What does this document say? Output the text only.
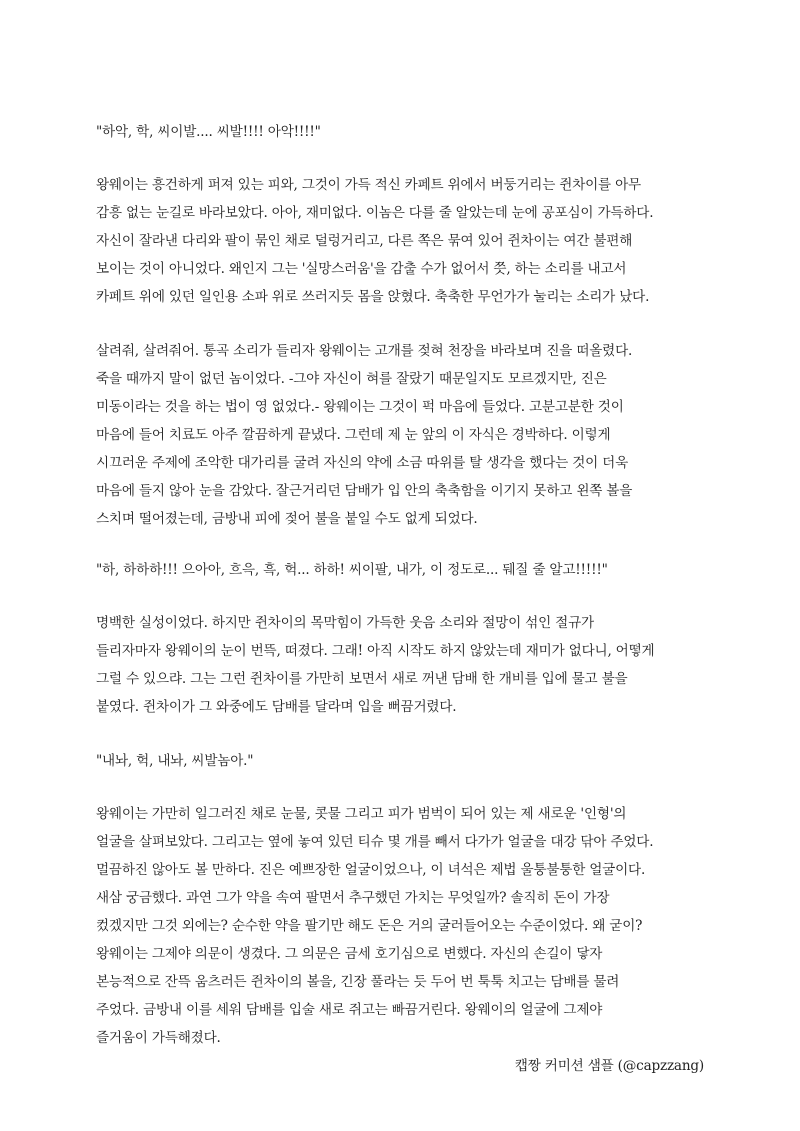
"하악, 학, 씨이발.... 씨발!!!! 아악!!!!"
왕웨이는 흥건하게 퍼져 있는 피와, 그것이 가득 적신 카페트 위에서 버둥거리는 쥔차이를 아무
감흥 없는 눈길로 바라보았다. 아아, 재미없다. 이놈은 다를 줄 알았는데 눈에 공포심이 가득하다.
자신이 잘라낸 다리와 팔이 묶인 채로 덜렁거리고, 다른 쪽은 묶여 있어 쥔차이는 여간 불편해
보이는 것이 아니었다. 왜인지 그는 '실망스러움'을 감출 수가 없어서 쯧, 하는 소리를 내고서
카페트 위에 있던 일인용 소파 위로 쓰러지듯 몸을 앉혔다. 축축한 무언가가 눌리는 소리가 났다.
살려줘, 살려줘어. 통곡 소리가 들리자 왕웨이는 고개를 젖혀 천장을 바라보며 진을 떠올렸다.
죽을 때까지 말이 없던 놈이었다. -그야 자신이 혀를 잘랐기 때문일지도 모르겠지만, 진은
미동이라는 것을 하는 법이 영 없었다.- 왕웨이는 그것이 퍽 마음에 들었다. 고분고분한 것이
마음에 들어 치료도 아주 깔끔하게 끝냈다. 그런데 제 눈 앞의 이 자식은 경박하다. 이렇게
시끄러운 주제에 조악한 대가리를 굴려 자신의 약에 소금 따위를 탈 생각을 했다는 것이 더욱
마음에 들지 않아 눈을 감았다. 잘근거리던 담배가 입 안의 축축함을 이기지 못하고 왼쪽 볼을
스치며 떨어졌는데, 금방내 피에 젖어 불을 붙일 수도 없게 되었다.
"하, 하하하!!! 으아아, 흐윽, 흑, 헉... 하하! 씨이팔, 내가, 이 정도로... 뒈질 줄 알고!!!!!"
명백한 실성이었다. 하지만 쥔차이의 목막힘이 가득한 웃음 소리와 절망이 섞인 절규가
들리자마자 왕웨이의 눈이 번뜩, 떠졌다. 그래! 아직 시작도 하지 않았는데 재미가 없다니, 어떻게
그럴 수 있으랴. 그는 그런 쥔차이를 가만히 보면서 새로 꺼낸 담배 한 개비를 입에 물고 불을
붙였다. 쥔차이가 그 와중에도 담배를 달라며 입을 뻐끔거렸다.
"내놔, 헉, 내놔, 씨발놈아."
왕웨이는 가만히 일그러진 채로 눈물, 콧물 그리고 피가 범벅이 되어 있는 제 새로운 '인형'의
얼굴을 살펴보았다. 그리고는 옆에 놓여 있던 티슈 몇 개를 빼서 다가가 얼굴을 대강 닦아 주었다.
멀끔하진 않아도 볼 만하다. 진은 예쁘장한 얼굴이었으나, 이 녀석은 제법 울퉁불퉁한 얼굴이다.
새삼 궁금했다. 과연 그가 약을 속여 팔면서 추구했던 가치는 무엇일까? 솔직히 돈이 가장
컸겠지만 그것 외에는? 순수한 약을 팔기만 해도 돈은 거의 굴러들어오는 수준이었다. 왜 굳이?
왕웨이는 그제야 의문이 생겼다. 그 의문은 금세 호기심으로 변했다. 자신의 손길이 닿자
본능적으로 잔뜩 움츠러든 쥔차이의 볼을, 긴장 풀라는 듯 두어 번 툭툭 치고는 담배를 물려
주었다. 금방내 이를 세워 담배를 입술 새로 쥐고는 빠끔거린다. 왕웨이의 얼굴에 그제야
즐거움이 가득해졌다.
캡짱 커미션 샘플 (@capzzang)
